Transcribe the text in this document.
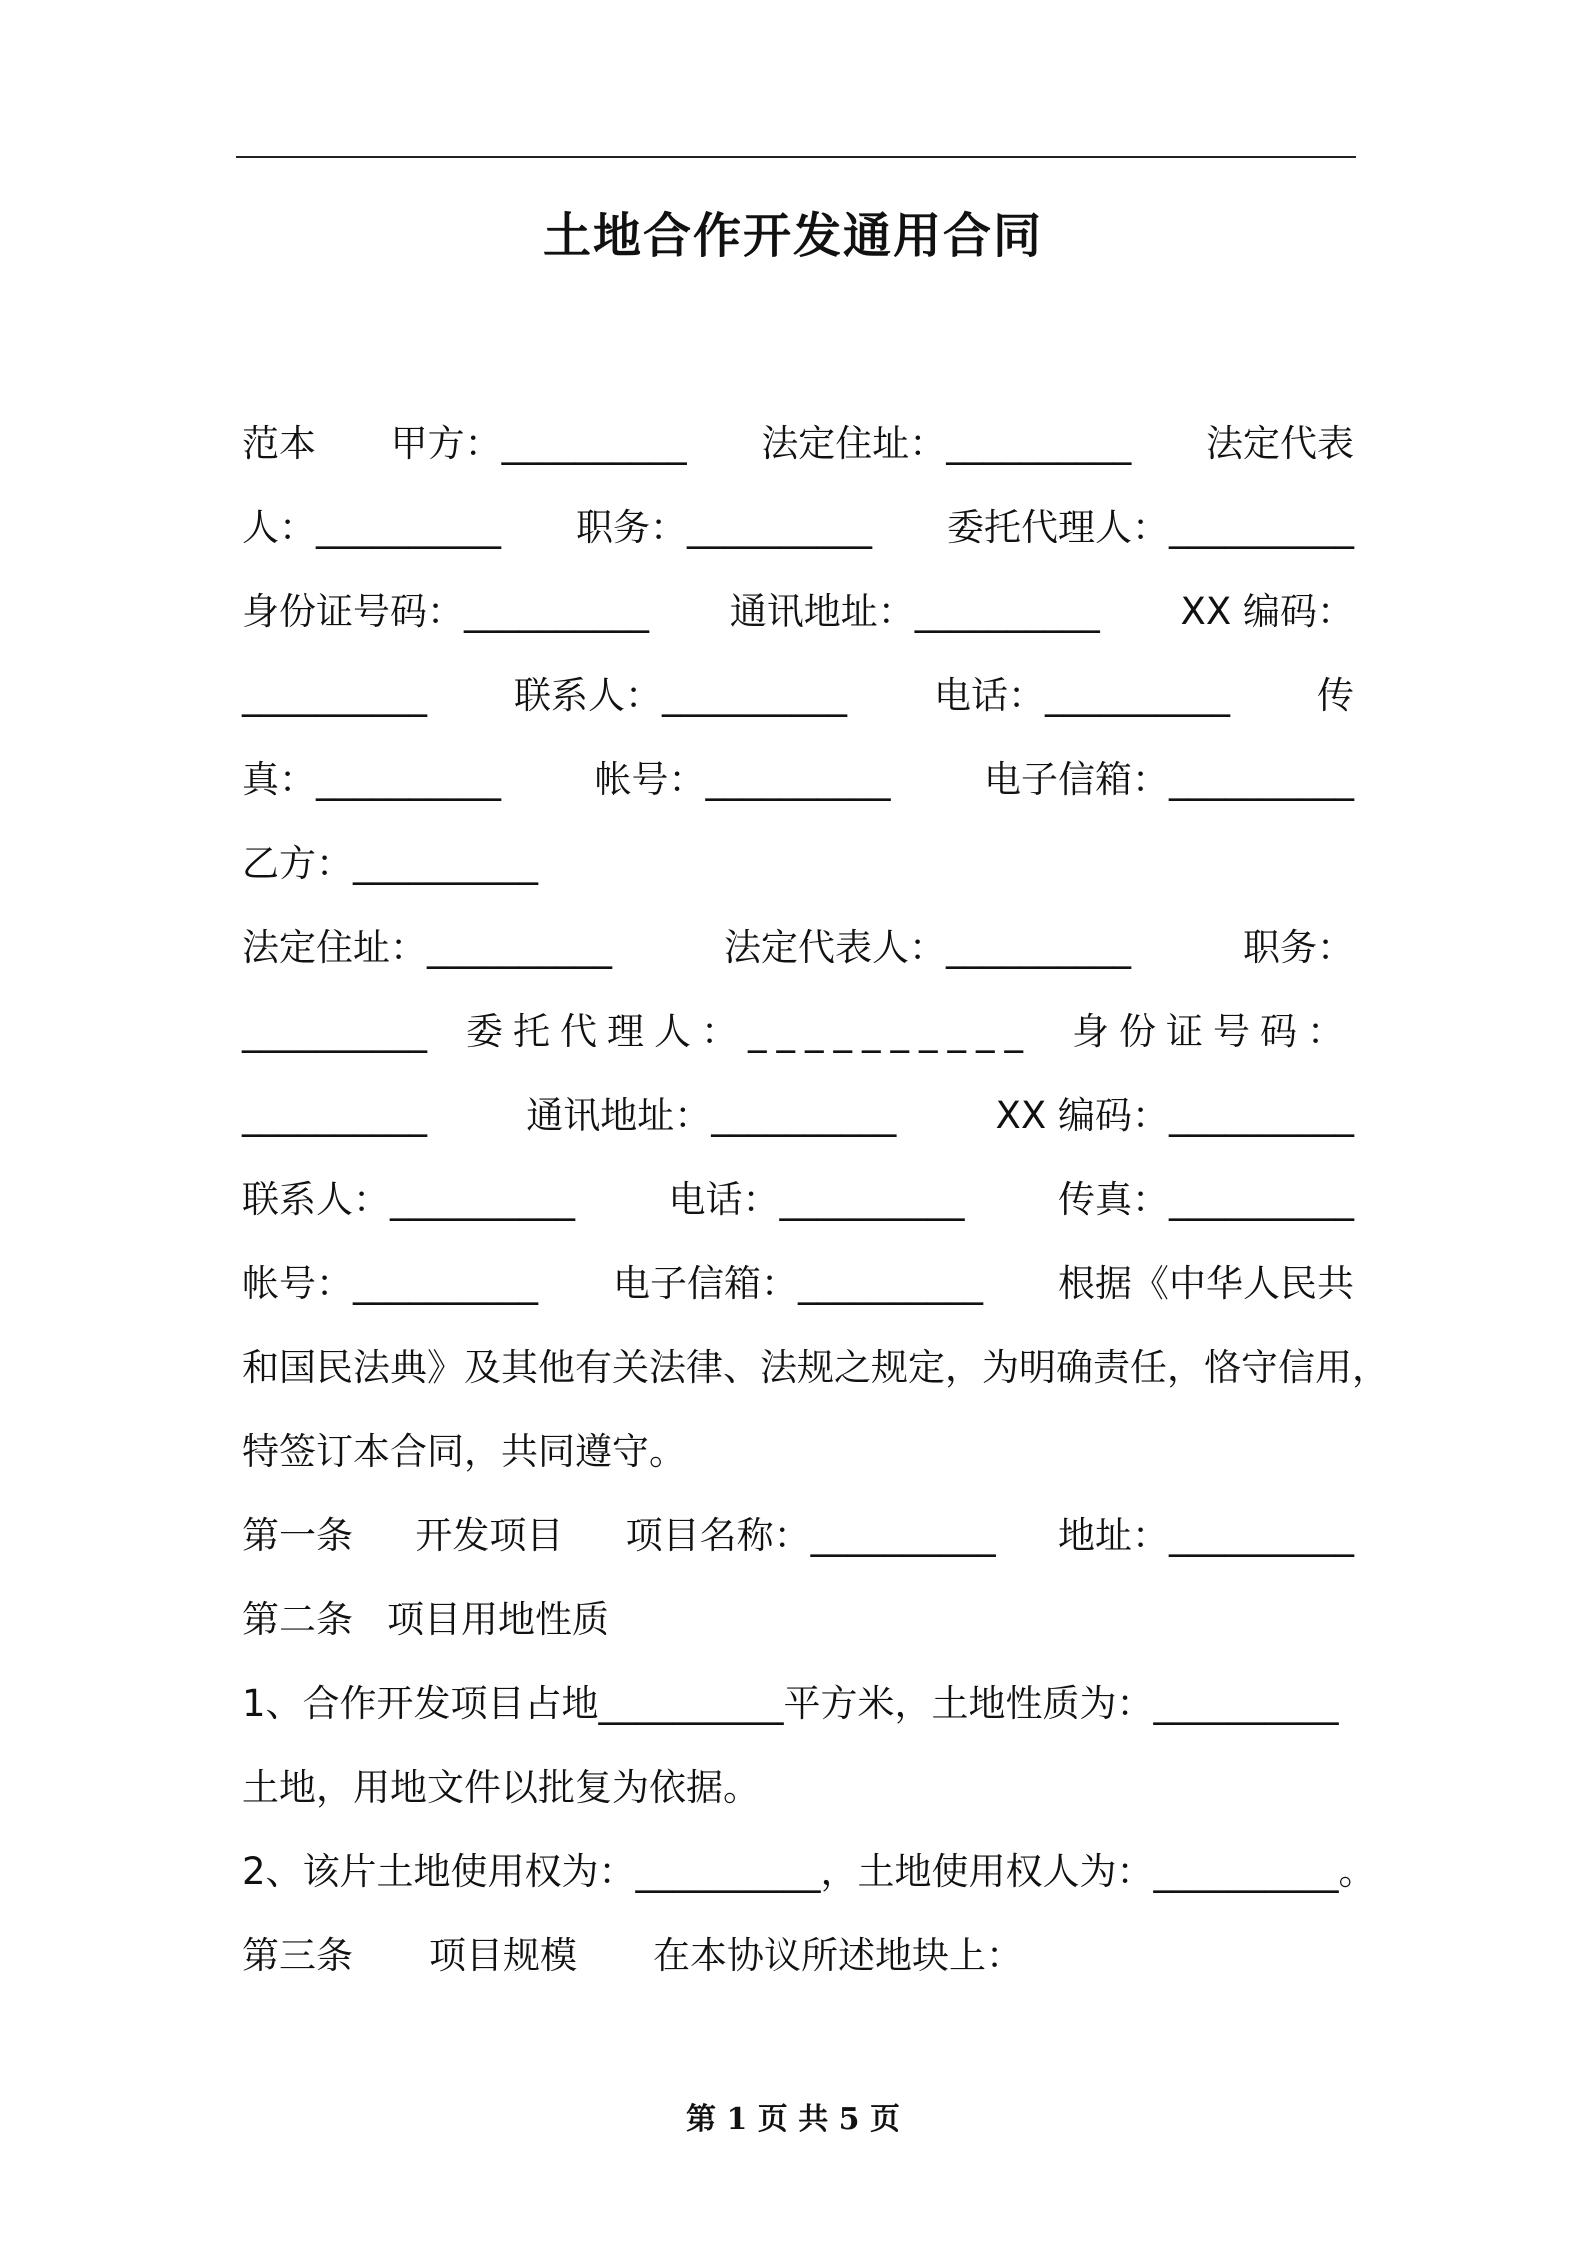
土地合作开发通用合同
范本 甲方：__________ 法定住址：__________ 法定代表
人：__________ 职务：__________ 委托代理人：__________
身份证号码：__________ 通讯地址：__________ XX 编码：
__________ 联系人：__________ 电话：__________ 传
真：__________	帐号：__________	电子信箱：__________
乙方：__________
法定住址：__________	法定代表人：__________	职务：
__________ 委托代理人：__________ 身份证号码：
__________	通讯地址：__________	XX 编码：__________
联系人：__________	电话：__________	传真：__________
帐号：__________ 电子信箱：__________ 根据《中华人民共
和国民法典》及其他有关法律、法规之规定，为明确责任，恪守信用，
特签订本合同，共同遵守。
第一条 开发项目 项目名称：__________ 地址：__________
第二条 项目用地性质
1、合作开发项目占地__________平方米，土地性质为：__________
土地，用地文件以批复为依据。
2、该片土地使用权为：__________，土地使用权人为：__________。
第三条 项目规模 在本协议所述地块上：
第 1 页 共 5 页
